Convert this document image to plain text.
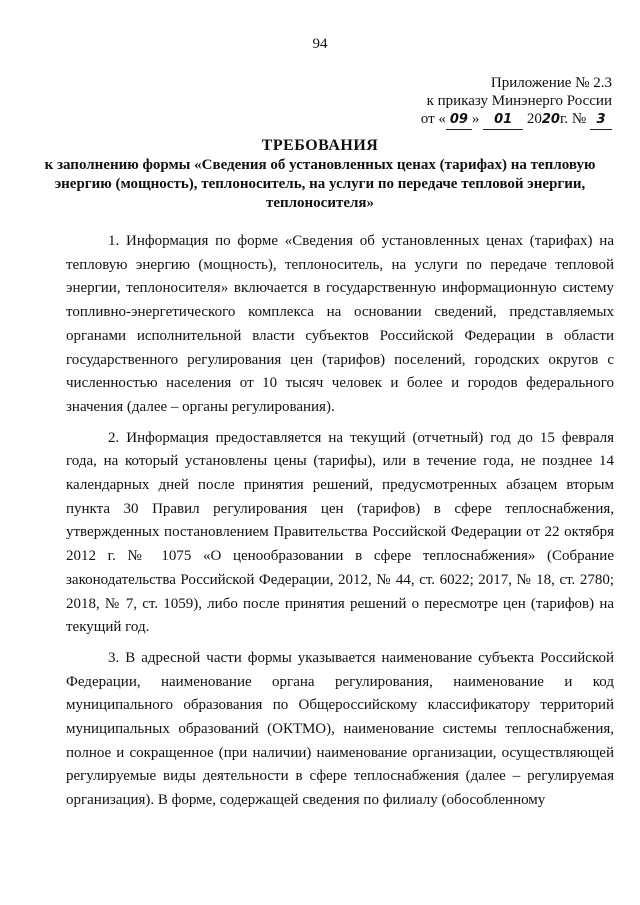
94
Приложение № 2.3
к приказу Минэнерго России
от « 09 » 01 2020г. № 3
ТРЕБОВАНИЯ
к заполнению формы «Сведения об установленных ценах (тарифах) на тепловую энергию (мощность), теплоноситель, на услуги по передаче тепловой энергии, теплоносителя»

1. Информация по форме «Сведения об установленных ценах (тарифах) на тепловую энергию (мощность), теплоноситель, на услуги по передаче тепловой энергии, теплоносителя» включается в государственную информационную систему топливно-энергетического комплекса на основании сведений, представляемых органами исполнительной власти субъектов Российской Федерации в области государственного регулирования цен (тарифов) поселений, городских округов с численностью населения от 10 тысяч человек и более и городов федерального значения (далее – органы регулирования).

2. Информация предоставляется на текущий (отчетный) год до 15 февраля года, на который установлены цены (тарифы), или в течение года, не позднее 14 календарных дней после принятия решений, предусмотренных абзацем вторым пункта 30 Правил регулирования цен (тарифов) в сфере теплоснабжения, утвержденных постановлением Правительства Российской Федерации от 22 октября 2012 г. № 1075 «О ценообразовании в сфере теплоснабжения» (Собрание законодательства Российской Федерации, 2012, № 44, ст. 6022; 2017, № 18, ст. 2780; 2018, № 7, ст. 1059), либо после принятия решений о пересмотре цен (тарифов) на текущий год.

3. В адресной части формы указывается наименование субъекта Российской Федерации, наименование органа регулирования, наименование и код муниципального образования по Общероссийскому классификатору территорий муниципальных образований (ОКТМО), наименование системы теплоснабжения, полное и сокращенное (при наличии) наименование организации, осуществляющей регулируемые виды деятельности в сфере теплоснабжения (далее – регулируемая организация). В форме, содержащей сведения по филиалу (обособленному
